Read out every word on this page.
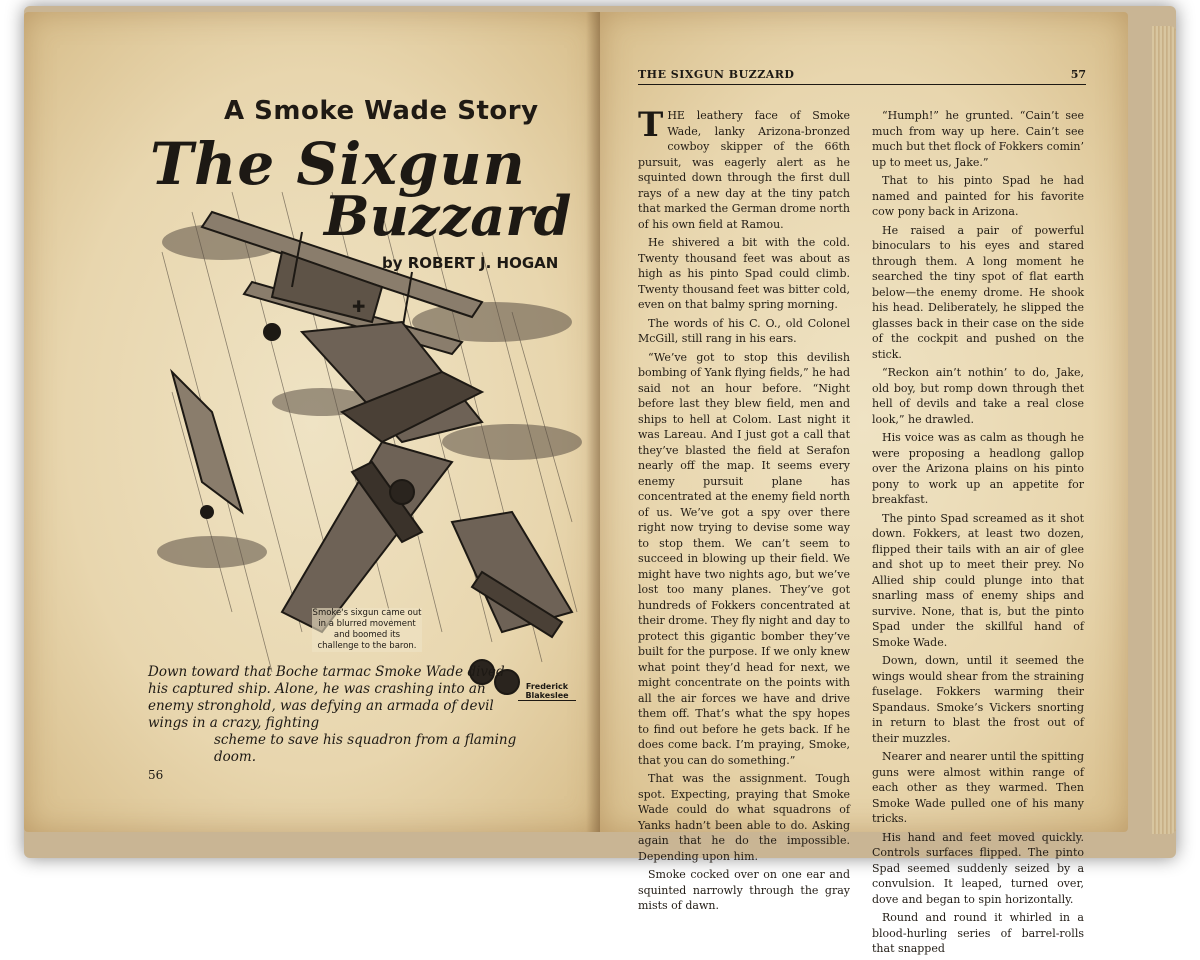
✚
A Smoke Wade Story
The Sixgun
Buzzard
by ROBERT J. HOGAN
Smoke's sixgun came out in a blurred movement and boomed its challenge to the baron.
Frederick Blakeslee
Down toward that Boche tarmac Smoke Wade dived his captured ship. Alone, he was crashing into an enemy stronghold, was defying an armada of devil wings in a crazy, fighting
scheme to save his squadron from a flaming doom.
56
THE SIXGUN BUZZARD	57

THE leathery face of Smoke Wade, lanky Arizona-bronzed cowboy skipper of the 66th pursuit, was eagerly alert as he squinted down through the first dull rays of a new day at the tiny patch that marked the German drome north of his own field at Ramou.

He shivered a bit with the cold. Twenty thousand feet was about as high as his pinto Spad could climb. Twenty thousand feet was bitter cold, even on that balmy spring morning.

The words of his C. O., old Colonel McGill, still rang in his ears.

“We’ve got to stop this devilish bombing of Yank flying fields,” he had said not an hour before. “Night before last they blew field, men and ships to hell at Colom. Last night it was Lareau. And I just got a call that they’ve blasted the field at Serafon nearly off the map. It seems every enemy pursuit plane has concentrated at the enemy field north of us. We’ve got a spy over there right now trying to devise some way to stop them. We can’t seem to succeed in blowing up their field. We might have two nights ago, but we’ve lost too many planes. They’ve got hundreds of Fokkers concentrated at their drome. They fly night and day to protect this gigantic bomber they’ve built for the purpose. If we only knew what point they’d head for next, we might concentrate on the points with all the air forces we have and drive them off. That’s what the spy hopes to find out before he gets back. If he does come back. I’m praying, Smoke, that you can do something.”

That was the assignment. Tough spot. Expecting, praying that Smoke Wade could do what squadrons of Yanks hadn’t been able to do. Asking again that he do the impossible. Depending upon him.

Smoke cocked over on one ear and squinted narrowly through the gray mists of dawn.

“Humph!” he grunted. “Cain’t see much from way up here. Cain’t see much but thet flock of Fokkers comin’ up to meet us, Jake.”

That to his pinto Spad he had named and painted for his favorite cow pony back in Arizona.

He raised a pair of powerful binoculars to his eyes and stared through them. A long moment he searched the tiny spot of flat earth below—the enemy drome. He shook his head. Deliberately, he slipped the glasses back in their case on the side of the cockpit and pushed on the stick.

“Reckon ain’t nothin’ to do, Jake, old boy, but romp down through thet hell of devils and take a real close look,” he drawled.

His voice was as calm as though he were proposing a headlong gallop over the Arizona plains on his pinto pony to work up an appetite for breakfast.

The pinto Spad screamed as it shot down. Fokkers, at least two dozen, flipped their tails with an air of glee and shot up to meet their prey. No Allied ship could plunge into that snarling mass of enemy ships and survive. None, that is, but the pinto Spad under the skillful hand of Smoke Wade.

Down, down, until it seemed the wings would shear from the straining fuselage. Fokkers warming their Spandaus. Smoke’s Vickers snorting in return to blast the frost out of their muzzles.

Nearer and nearer until the spitting guns were almost within range of each other as they warmed. Then Smoke Wade pulled one of his many tricks.

His hand and feet moved quickly. Controls surfaces flipped. The pinto Spad seemed suddenly seized by a convulsion. It leaped, turned over, dove and began to spin horizontally.

Round and round it whirled in a blood-hurling series of barrel-rolls that snapped
